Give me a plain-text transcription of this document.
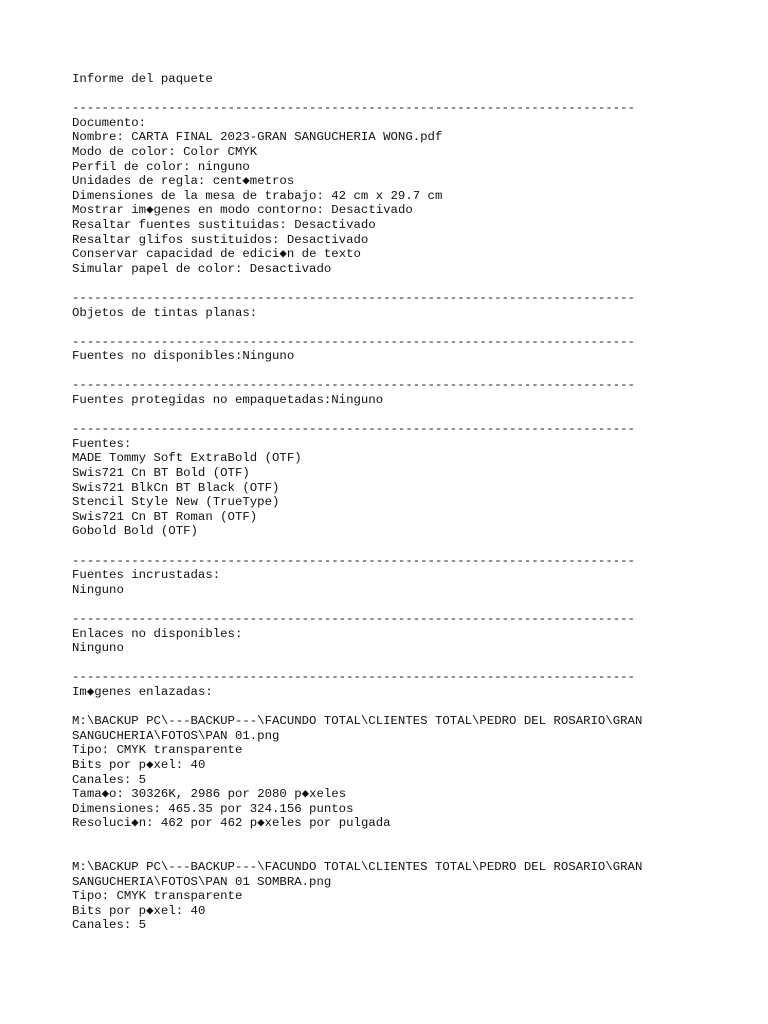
Informe del paquete
----------------------------------------------------------------------------
Documento:
Nombre: CARTA FINAL 2023-GRAN SANGUCHERIA WONG.pdf
Modo de color: Color CMYK
Perfil de color: ninguno
Unidades de regla: cent◆metros
Dimensiones de la mesa de trabajo: 42 cm x 29.7 cm
Mostrar im◆genes en modo contorno: Desactivado
Resaltar fuentes sustituidas: Desactivado
Resaltar glifos sustituidos: Desactivado
Conservar capacidad de edici◆n de texto
Simular papel de color: Desactivado
----------------------------------------------------------------------------
Objetos de tintas planas:
----------------------------------------------------------------------------
Fuentes no disponibles:Ninguno
----------------------------------------------------------------------------
Fuentes protegidas no empaquetadas:Ninguno
----------------------------------------------------------------------------
Fuentes:
MADE Tommy Soft ExtraBold (OTF)
Swis721 Cn BT Bold (OTF)
Swis721 BlkCn BT Black (OTF)
Stencil Style New (TrueType)
Swis721 Cn BT Roman (OTF)
Gobold Bold (OTF)
----------------------------------------------------------------------------
Fuentes incrustadas:
Ninguno
----------------------------------------------------------------------------
Enlaces no disponibles:
Ninguno
----------------------------------------------------------------------------
Im◆genes enlazadas:
M:\BACKUP PC\---BACKUP---\FACUNDO TOTAL\CLIENTES TOTAL\PEDRO DEL ROSARIO\GRAN
SANGUCHERIA\FOTOS\PAN 01.png
Tipo: CMYK transparente
Bits por p◆xel: 40
Canales: 5
Tama◆o: 30326K, 2986 por 2080 p◆xeles
Dimensiones: 465.35 por 324.156 puntos
Resoluci◆n: 462 por 462 p◆xeles por pulgada
M:\BACKUP PC\---BACKUP---\FACUNDO TOTAL\CLIENTES TOTAL\PEDRO DEL ROSARIO\GRAN
SANGUCHERIA\FOTOS\PAN 01 SOMBRA.png
Tipo: CMYK transparente
Bits por p◆xel: 40
Canales: 5
